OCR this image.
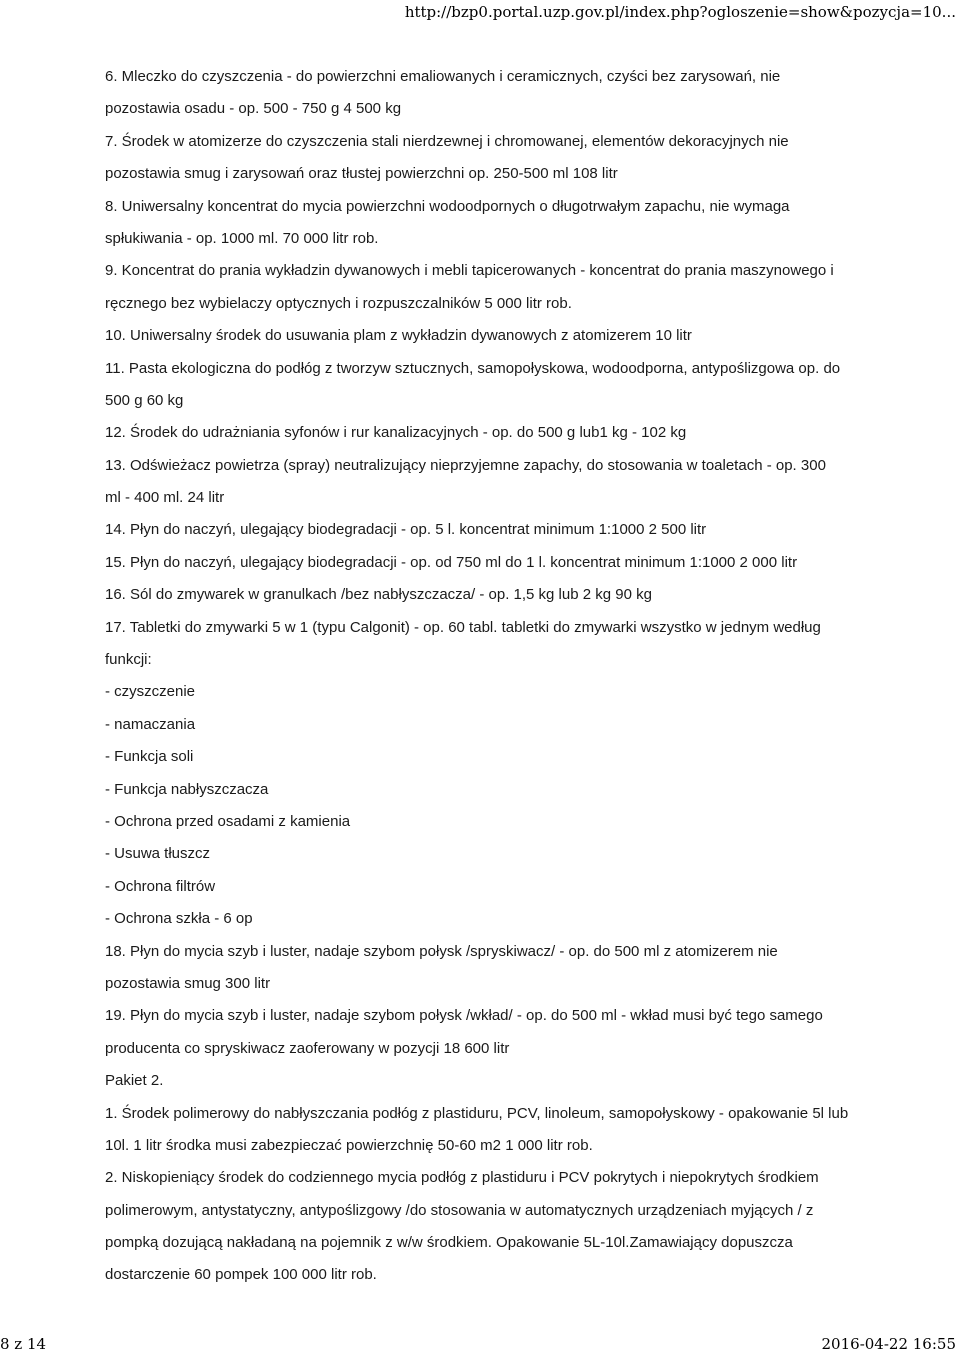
http://bzp0.portal.uzp.gov.pl/index.php?ogloszenie=show&pozycja=10...
6. Mleczko do czyszczenia - do powierzchni emaliowanych i ceramicznych, czyści bez zarysowań, nie
pozostawia osadu - op. 500 - 750 g 4 500 kg
7. Środek w atomizerze do czyszczenia stali nierdzewnej i chromowanej, elementów dekoracyjnych nie
pozostawia smug i zarysowań oraz tłustej powierzchni op. 250-500 ml 108 litr
8. Uniwersalny koncentrat do mycia powierzchni wodoodpornych o długotrwałym zapachu, nie wymaga
spłukiwania - op. 1000 ml. 70 000 litr rob.
9. Koncentrat do prania wykładzin dywanowych i mebli tapicerowanych - koncentrat do prania maszynowego i
ręcznego bez wybielaczy optycznych i rozpuszczalników 5 000 litr rob.
10. Uniwersalny środek do usuwania plam z wykładzin dywanowych z atomizerem 10 litr
11. Pasta ekologiczna do podłóg z tworzyw sztucznych, samopołyskowa, wodoodporna, antypoślizgowa op. do
500 g 60 kg
12. Środek do udrażniania syfonów i rur kanalizacyjnych - op. do 500 g lub1 kg - 102 kg
13. Odświeżacz powietrza (spray) neutralizujący nieprzyjemne zapachy, do stosowania w toaletach - op. 300
ml - 400 ml. 24 litr
14. Płyn do naczyń, ulegający biodegradacji - op. 5 l. koncentrat minimum 1:1000 2 500 litr
15. Płyn do naczyń, ulegający biodegradacji - op. od 750 ml do 1 l. koncentrat minimum 1:1000 2 000 litr
16. Sól do zmywarek w granulkach /bez nabłyszczacza/ - op. 1,5 kg lub 2 kg 90 kg
17. Tabletki do zmywarki 5 w 1 (typu Calgonit) - op. 60 tabl. tabletki do zmywarki wszystko w jednym według
funkcji:
- czyszczenie
- namaczania
- Funkcja soli
- Funkcja nabłyszczacza
- Ochrona przed osadami z kamienia
- Usuwa tłuszcz
- Ochrona filtrów
- Ochrona szkła - 6 op
18. Płyn do mycia szyb i luster, nadaje szybom połysk /spryskiwacz/ - op. do 500 ml z atomizerem nie
pozostawia smug 300 litr
19. Płyn do mycia szyb i luster, nadaje szybom połysk /wkład/ - op. do 500 ml - wkład musi być tego samego
producenta co spryskiwacz zaoferowany w pozycji 18 600 litr
Pakiet 2.
1. Środek polimerowy do nabłyszczania podłóg z plastiduru, PCV, linoleum, samopołyskowy - opakowanie 5l lub
10l. 1 litr środka musi zabezpieczać powierzchnię 50-60 m2 1 000 litr rob.
2. Niskopieniący środek do codziennego mycia podłóg z plastiduru i PCV pokrytych i niepokrytych środkiem
polimerowym, antystatyczny, antypoślizgowy /do stosowania w automatycznych urządzeniach myjących / z
pompką dozującą nakładaną na pojemnik z w/w środkiem. Opakowanie 5L-10l.Zamawiający dopuszcza
dostarczenie 60 pompek 100 000 litr rob.
8 z 14	2016-04-22 16:55
